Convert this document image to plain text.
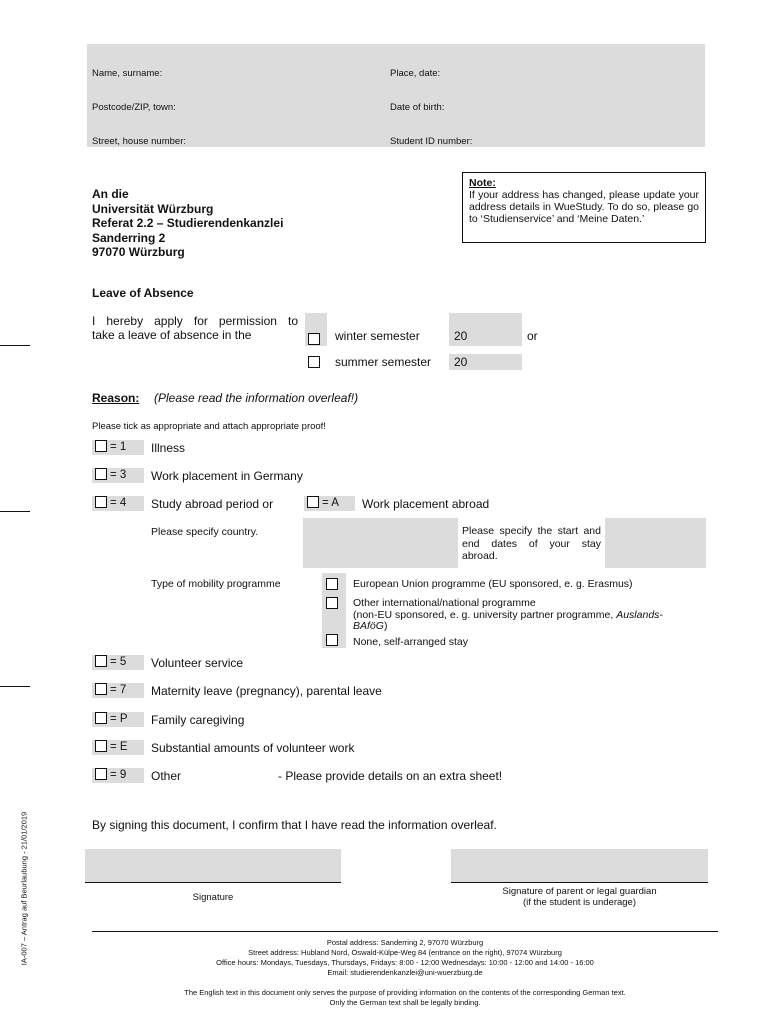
IA-007 – Antrag auf Beurlaubung - 21/01/2019
Name, surname:	Place, date:
Postcode/ZIP, town:	Date of birth:
Street, house number:	Student ID number:
An die
Universität Würzburg
Referat 2.2 – Studierendenkanzlei
Sanderring 2
97070 Würzburg
Note:
If your address has changed, please update your address details in WueStudy. To do so, please go to ‘Studienservice’ and ‘Meine Daten.’
Leave of Absence
I hereby apply for permission to
take a leave of absence in the	winter semester	20	or
summer semester 20
Reason: (Please read the information overleaf!)
Please tick as appropriate and attach appropriate proof!
= 1	Illness
= 3	Work placement in Germany
= 4	Study abroad period or	= A	Work placement abroad
Please specify country.	Please specify the start and end dates of your stay abroad.
Type of mobility programme	European Union programme (EU sponsored, e. g. Erasmus)
Other international/national programme
(non-EU sponsored, e. g. university partner programme, Auslands-
BAföG)
None, self-arranged stay
= 5	Volunteer service
= 7	Maternity leave (pregnancy), parental leave
= P	Family caregiving
= E	Substantial amounts of volunteer work
= 9	Other	- Please provide details on an extra sheet!
By signing this document, I confirm that I have read the information overleaf.
Signature
Signature of parent or legal guardian
(if the student is underage)
Postal address: Sanderring 2, 97070 Würzburg
Street address: Hubland Nord, Oswald-Külpe-Weg 84 (entrance on the right), 97074 Würzburg
Office hours: Mondays, Tuesdays, Thursdays, Fridays: 8:00 - 12:00 Wednesdays: 10:00 - 12:00 and 14:00 - 16:00
Email: studierendenkanzlei@uni-wuerzburg.de
The English text in this document only serves the purpose of providing information on the contents of the corresponding German text.
Only the German text shall be legally binding.
